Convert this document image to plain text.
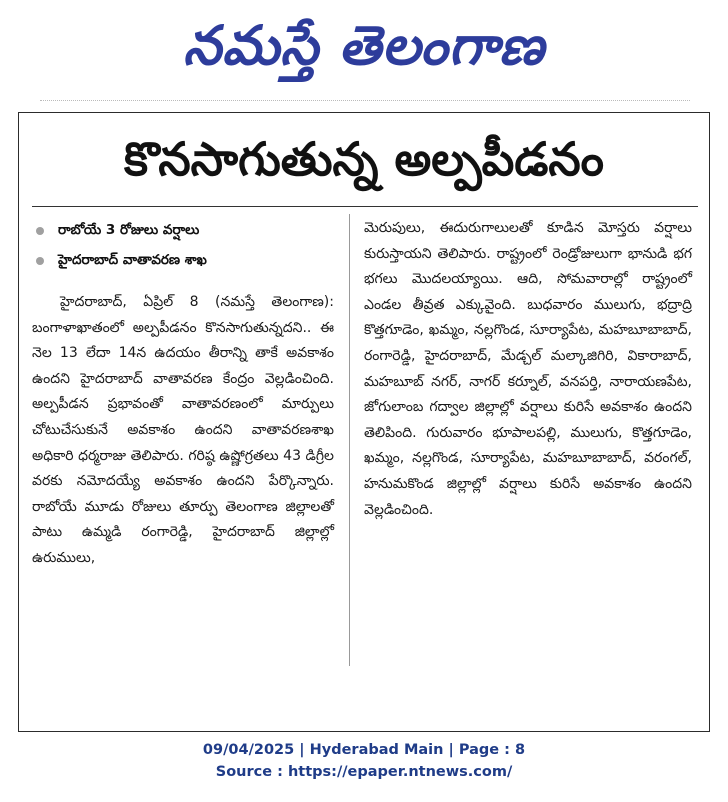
నమస్తే తెలంగాణ
కొనసాగుతున్న అల్పపీడనం
రాబోయే 3 రోజులు వర్షాలు
హైదరాబాద్ వాతావరణ శాఖ

హైదరాబాద్, ఏప్రిల్ 8 (నమస్తే తెలంగాణ): బంగాళాఖాతంలో అల్పపీడనం కొనసాగుతున్నదని.. ఈ నెల 13 లేదా 14న ఉదయం తీరాన్ని తాకే అవకాశం ఉందని హైదరాబాద్ వాతావరణ కేంద్రం వెల్లడించింది. అల్పపీడన ప్రభావంతో వాతావరణంలో మార్పులు చోటుచేసుకునే అవకాశం ఉందని వాతావరణశాఖ అధికారి ధర్మరాజు తెలిపారు. గరిష్ఠ ఉష్ణోగ్రతలు 43 డిగ్రీల వరకు నమోదయ్యే అవకాశం ఉందని పేర్కొన్నారు. రాబోయే మూడు రోజులు తూర్పు తెలంగాణ జిల్లాలతో పాటు ఉమ్మడి రంగారెడ్డి, హైదరాబాద్ జిల్లాల్లో ఉరుములు,

మెరుపులు, ఈదురుగాలులతో కూడిన మోస్తరు వర్షాలు కురుస్తాయని తెలిపారు. రాష్ట్రంలో రెండ్రోజులుగా భానుడి భగ భగలు మొదలయ్యాయి. ఆది, సోమవారాల్లో రాష్ట్రంలో ఎండల తీవ్రత ఎక్కువైంది. బుధవారం ములుగు, భద్రాద్రి కొత్తగూడెం, ఖమ్మం, నల్లగొండ, సూర్యాపేట, మహబూబాబాద్, రంగారెడ్డి, హైదరాబాద్, మేడ్చల్ మల్కాజిగిరి, వికారాబాద్, మహబూబ్ నగర్, నాగర్ కర్నూల్, వనపర్తి, నారాయణపేట, జోగులాంబ గద్వాల జిల్లాల్లో వర్షాలు కురిసే అవకాశం ఉందని తెలిపింది. గురువారం భూపాలపల్లి, ములుగు, కొత్తగూడెం, ఖమ్మం, నల్లగొండ, సూర్యాపేట, మహబూబాబాద్, వరంగల్, హనుమకొండ జిల్లాల్లో వర్షాలు కురిసే అవకాశం ఉందని వెల్లడించింది.

09/04/2025 | Hyderabad Main | Page : 8
Source : https://epaper.ntnews.com/
